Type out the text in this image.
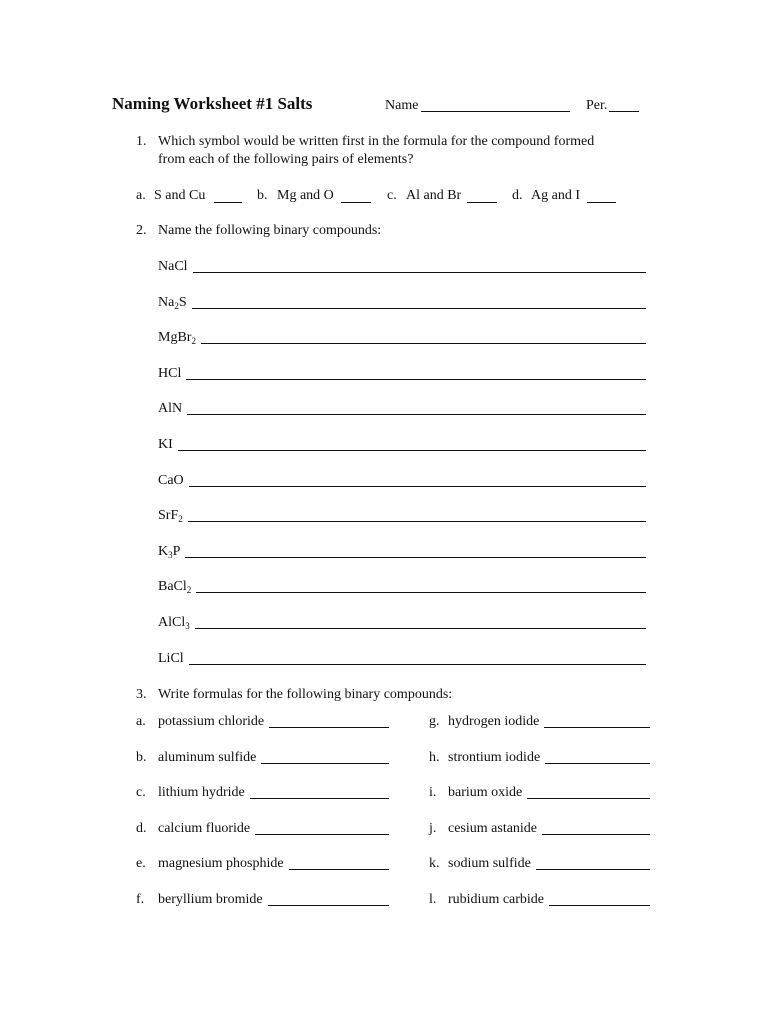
Naming Worksheet #1 Salts	Name	Per.
1. Which symbol would be written first in the formula for the compound formed
from each of the following pairs of elements?
a. S and Cu	b. Mg and O	c. Al and Br	d. Ag and I
2. Name the following binary compounds:
NaCl
$Na_2S$
MgBr$_2$
HCl
AlN
KI
CaO
SrF$_2$
$K_3P$
BaCl$_2$
AlCl$_3$
LiCl
3. Write formulas for the following binary compounds:
a. potassium chloride
b. aluminum sulfide
c. lithium hydride
d. calcium fluoride
e. magnesium phosphide
f. beryllium bromide
g. hydrogen iodide
h. strontium iodide
i. barium oxide
j. cesium astanide
k. sodium sulfide
l. rubidium carbide
